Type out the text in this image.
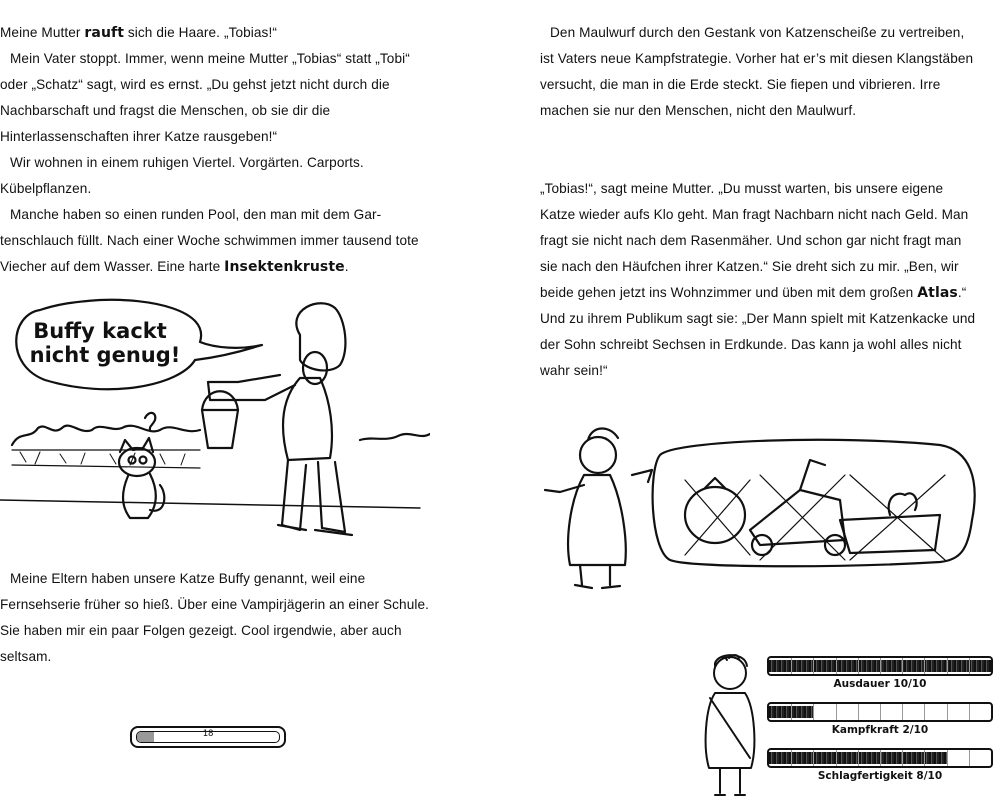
Meine Mutter rauft sich die Haare. „Tobias!“

Mein Vater stoppt. Immer, wenn meine Mutter „Tobias“ statt „Tobi“ oder „Schatz“ sagt, wird es ernst. „Du gehst jetzt nicht durch die Nachbarschaft und fragst die Menschen, ob sie dir die Hinterlassenschaften ihrer Katze rausgeben!“

Wir wohnen in einem ruhigen Viertel. Vorgärten. Carports. Kübelpflanzen.

Manche haben so einen runden Pool, den man mit dem Gartenschlauch füllt. Nach einer Woche schwimmen immer tausend tote Viecher auf dem Wasser. Eine harte Insektenkruste.

Buffy kackt
nicht genug!

Meine Eltern haben unsere Katze Buffy genannt, weil eine Fernsehserie früher so hieß. Über eine Vampirjägerin an einer Schule. Sie haben mir ein paar Folgen gezeigt. Cool irgendwie, aber auch seltsam.

18

Den Maulwurf durch den Gestank von Katzenscheiße zu vertreiben, ist Vaters neue Kampfstrategie. Vorher hat er’s mit diesen Klangstäben versucht, die man in die Erde steckt. Sie fiepen und vibrieren. Irre machen sie nur den Menschen, nicht den Maulwurf.

„Tobias!“, sagt meine Mutter. „Du musst warten, bis unsere eigene Katze wieder aufs Klo geht. Man fragt Nachbarn nicht nach Geld. Man fragt sie nicht nach dem Rasenmäher. Und schon gar nicht fragt man sie nach den Häufchen ihrer Katzen.“ Sie dreht sich zu mir. „Ben, wir beide gehen jetzt ins Wohnzimmer und üben mit dem großen Atlas.“ Und zu ihrem Publikum sagt sie: „Der Mann spielt mit Katzenkacke und der Sohn schreibt Sechsen in Erdkunde. Das kann ja wohl alles nicht wahr sein!“

Ausdauer 10/10
Kampfkraft 2/10
Schlagfertigkeit 8/10
